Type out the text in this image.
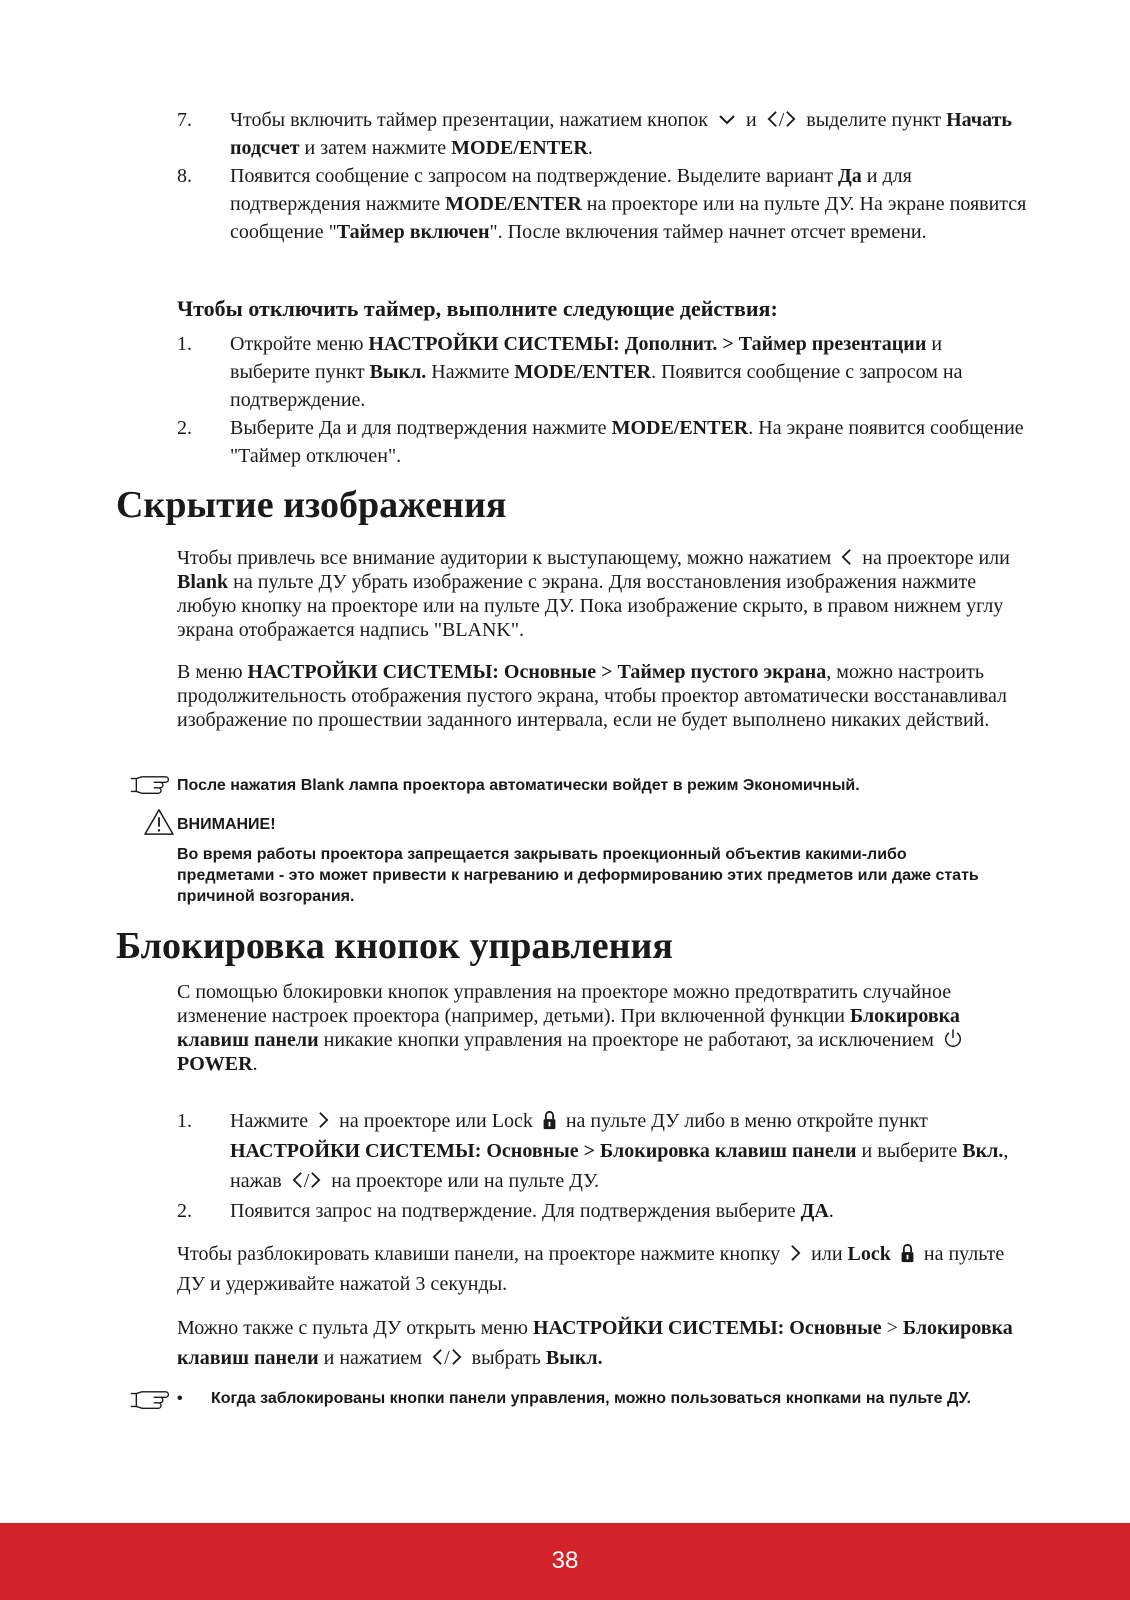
7. Чтобы включить таймер презентации, нажатием кнопок и / выделите пункт Начать подсчет и затем нажмите MODE/ENTER.
8. Появится сообщение с запросом на подтверждение. Выделите вариант Да и для подтверждения нажмите MODE/ENTER на проекторе или на пульте ДУ. На экране появится сообщение "Таймер включен". После включения таймер начнет отсчет времени.
Чтобы отключить таймер, выполните следующие действия:
1. Откройте меню НАСТРОЙКИ СИСТЕМЫ: Дополнит. > Таймер презентации и выберите пункт Выкл. Нажмите MODE/ENTER. Появится сообщение с запросом на подтверждение.
2. Выберите Да и для подтверждения нажмите MODE/ENTER. На экране появится сообщение "Таймер отключен".
Скрытие изображения
Чтобы привлечь все внимание аудитории к выступающему, можно нажатием на проекторе или Blank на пульте ДУ убрать изображение с экрана. Для восстановления изображения нажмите любую кнопку на проекторе или на пульте ДУ. Пока изображение скрыто, в правом нижнем углу экрана отображается надпись "BLANK".
В меню НАСТРОЙКИ СИСТЕМЫ: Основные > Таймер пустого экрана, можно настроить продолжительность отображения пустого экрана, чтобы проектор автоматически восстанавливал изображение по прошествии заданного интервала, если не будет выполнено никаких действий.
После нажатия Blank лампа проектора автоматически войдет в режим Экономичный.
ВНИМАНИЕ!
Во время работы проектора запрещается закрывать проекционный объектив какими-либо предметами - это может привести к нагреванию и деформированию этих предметов или даже стать причиной возгорания.
Блокировка кнопок управления
С помощью блокировки кнопок управления на проекторе можно предотвратить случайное изменение настроек проектора (например, детьми). При включенной функции Блокировка клавиш панели никакие кнопки управления на проекторе не работают, за исключением POWER.
1. Нажмите на проекторе или Lock на пульте ДУ либо в меню откройте пункт НАСТРОЙКИ СИСТЕМЫ: Основные > Блокировка клавиш панели и выберите Вкл., нажав / на проекторе или на пульте ДУ.
2. Появится запрос на подтверждение. Для подтверждения выберите ДА.
Чтобы разблокировать клавиши панели, на проекторе нажмите кнопку или Lock на пульте ДУ и удерживайте нажатой 3 секунды.
Можно также с пульта ДУ открыть меню НАСТРОЙКИ СИСТЕМЫ: Основные > Блокировка клавиш панели и нажатием / выбрать Выкл.
•	Когда заблокированы кнопки панели управления, можно пользоваться кнопками на пульте ДУ.
38
